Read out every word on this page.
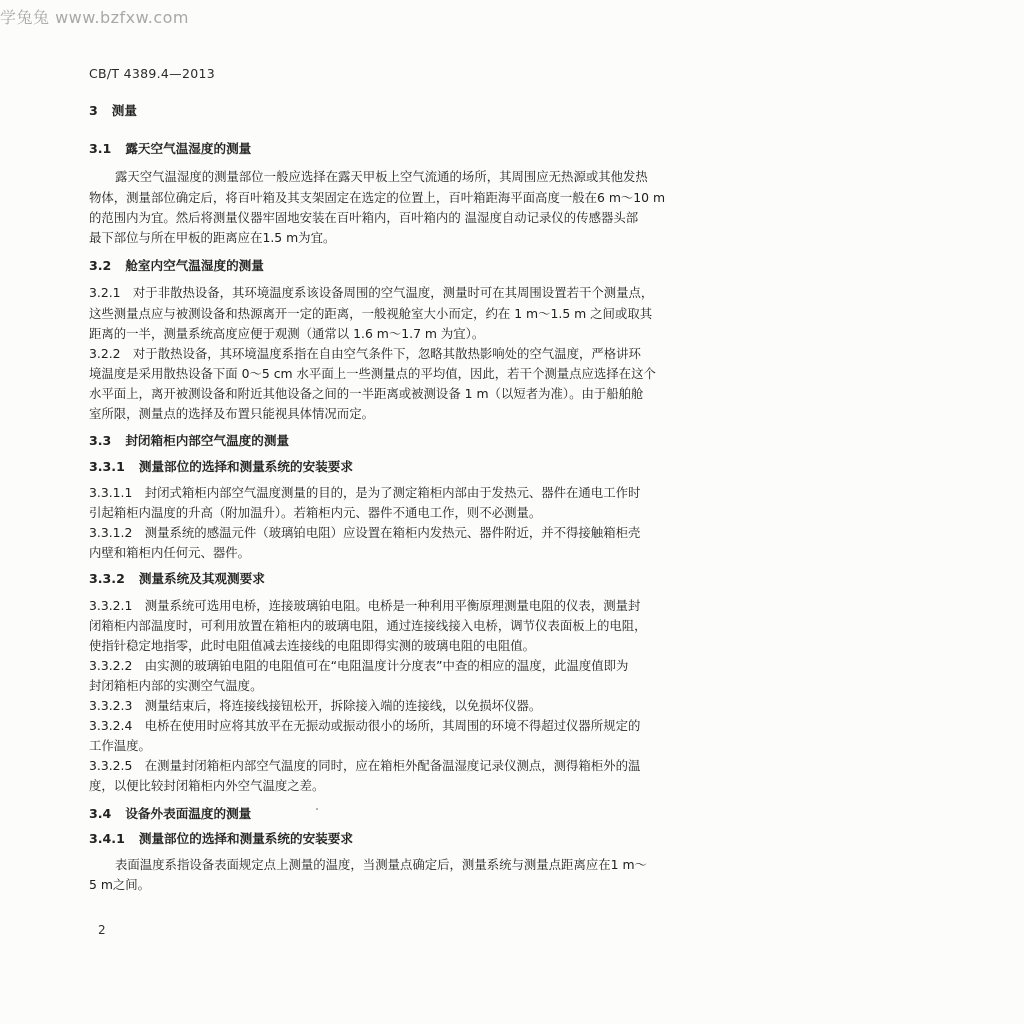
学兔兔 www.bzfxw.com
CB/T 4389.4—2013
3 测量
3.1 露天空气温湿度的测量
露天空气温湿度的测量部位一般应选择在露天甲板上空气流通的场所，其周围应无热源或其他发热
物体，测量部位确定后，将百叶箱及其支架固定在选定的位置上，百叶箱距海平面高度一般在6 m～10 m
的范围内为宜。然后将测量仪器牢固地安装在百叶箱内，百叶箱内的 温湿度自动记录仪的传感器头部
最下部位与所在甲板的距离应在1.5 m为宜。
3.2 舱室内空气温湿度的测量
3.2.1　对于非散热设备，其环境温度系该设备周围的空气温度，测量时可在其周围设置若干个测量点，
这些测量点应与被测设备和热源离开一定的距离，一般视舱室大小而定，约在 1 m～1.5 m 之间或取其
距离的一半，测量系统高度应便于观测（通常以 1.6 m～1.7 m 为宜）。
3.2.2　对于散热设备，其环境温度系指在自由空气条件下，忽略其散热影响处的空气温度，严格讲环
境温度是采用散热设备下面 0～5 cm 水平面上一些测量点的平均值，因此，若干个测量点应选择在这个
水平面上，离开被测设备和附近其他设备之间的一半距离或被测设备 1 m（以短者为准）。由于船舶舱
室所限，测量点的选择及布置只能视具体情况而定。
3.3 封闭箱柜内部空气温度的测量
3.3.1 测量部位的选择和测量系统的安装要求
3.3.1.1　封闭式箱柜内部空气温度测量的目的，是为了测定箱柜内部由于发热元、器件在通电工作时
引起箱柜内温度的升高（附加温升）。若箱柜内元、器件不通电工作，则不必测量。
3.3.1.2　测量系统的感温元件（玻璃铂电阻）应设置在箱柜内发热元、器件附近，并不得接触箱柜壳
内壁和箱柜内任何元、器件。
3.3.2 测量系统及其观测要求
3.3.2.1　测量系统可选用电桥，连接玻璃铂电阻。电桥是一种利用平衡原理测量电阻的仪表，测量封
闭箱柜内部温度时，可利用放置在箱柜内的玻璃电阻，通过连接线接入电桥，调节仪表面板上的电阻，
使指针稳定地指零，此时电阻值减去连接线的电阻即得实测的玻璃电阻的电阻值。
3.3.2.2　由实测的玻璃铂电阻的电阻值可在“电阻温度计分度表”中查的相应的温度，此温度值即为
封闭箱柜内部的实测空气温度。
3.3.2.3　测量结束后，将连接线接钮松开，拆除接入端的连接线，以免损坏仪器。
3.3.2.4　电桥在使用时应将其放平在无振动或振动很小的场所，其周围的环境不得超过仪器所规定的
工作温度。
3.3.2.5　在测量封闭箱柜内部空气温度的同时，应在箱柜外配备温湿度记录仪测点，测得箱柜外的温
度，以便比较封闭箱柜内外空气温度之差。
3.4 设备外表面温度的测量
3.4.1 测量部位的选择和测量系统的安装要求
表面温度系指设备表面规定点上测量的温度，当测量点确定后，测量系统与测量点距离应在1 m～
5 m之间。
2
